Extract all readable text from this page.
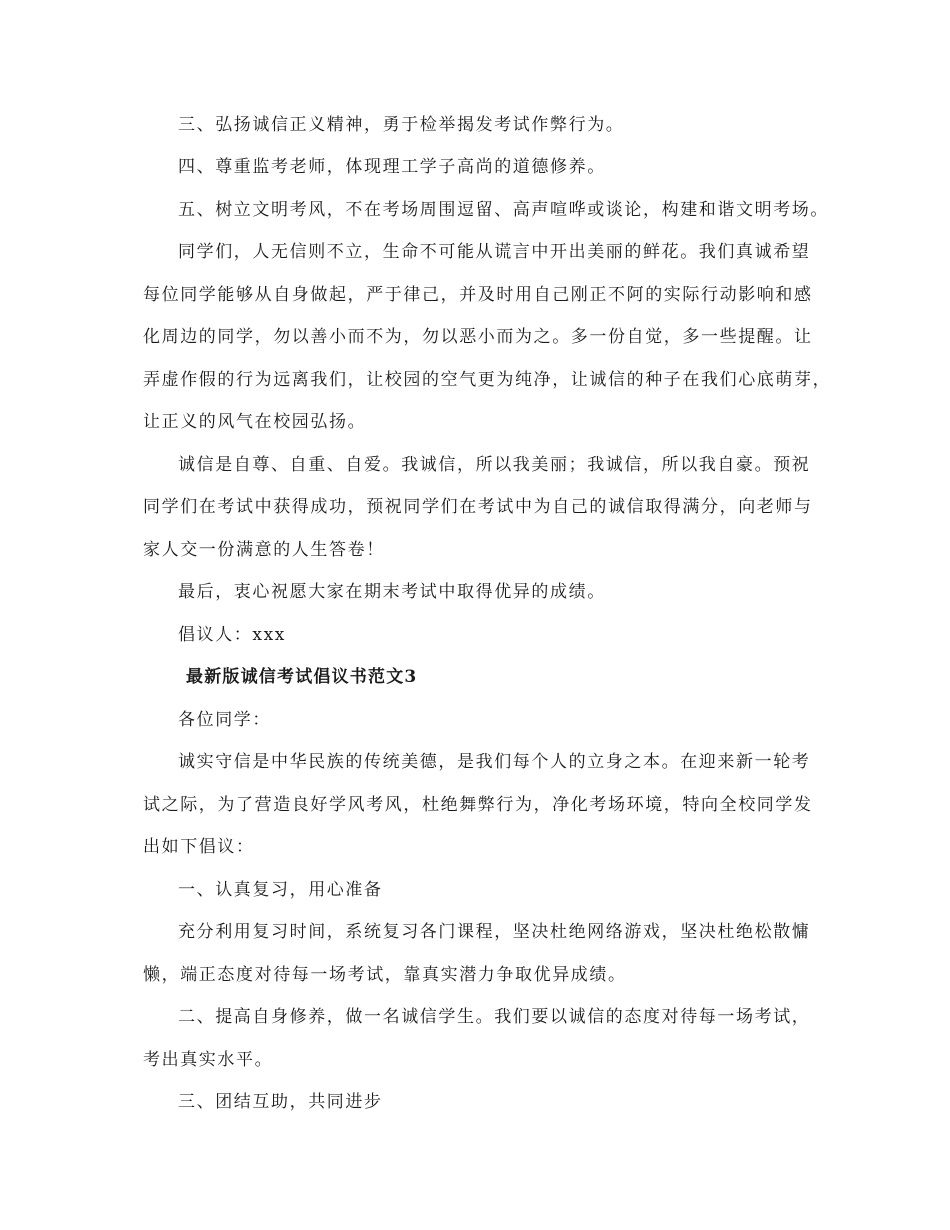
三、弘扬诚信正义精神，勇于检举揭发考试作弊行为。
四、尊重监考老师，体现理工学子高尚的道德修养。
五、树立文明考风，不在考场周围逗留、高声喧哗或谈论，构建和谐文明考场。
同学们，人无信则不立，生命不可能从谎言中开出美丽的鲜花。我们真诚希望
每位同学能够从自身做起，严于律己，并及时用自己刚正不阿的实际行动影响和感
化周边的同学，勿以善小而不为，勿以恶小而为之。多一份自觉，多一些提醒。让
弄虚作假的行为远离我们，让校园的空气更为纯净，让诚信的种子在我们心底萌芽，
让正义的风气在校园弘扬。
诚信是自尊、自重、自爱。我诚信，所以我美丽；我诚信，所以我自豪。预祝
同学们在考试中获得成功，预祝同学们在考试中为自己的诚信取得满分，向老师与
家人交一份满意的人生答卷！
最后，衷心祝愿大家在期末考试中取得优异的成绩。
倡议人：xxx
最新版诚信考试倡议书范文3
各位同学：
诚实守信是中华民族的传统美德，是我们每个人的立身之本。在迎来新一轮考
试之际，为了营造良好学风考风，杜绝舞弊行为，净化考场环境，特向全校同学发
出如下倡议：
一、认真复习，用心准备
充分利用复习时间，系统复习各门课程，坚决杜绝网络游戏，坚决杜绝松散慵
懒，端正态度对待每一场考试，靠真实潜力争取优异成绩。
二、提高自身修养，做一名诚信学生。我们要以诚信的态度对待每一场考试，
考出真实水平。
三、团结互助，共同进步
